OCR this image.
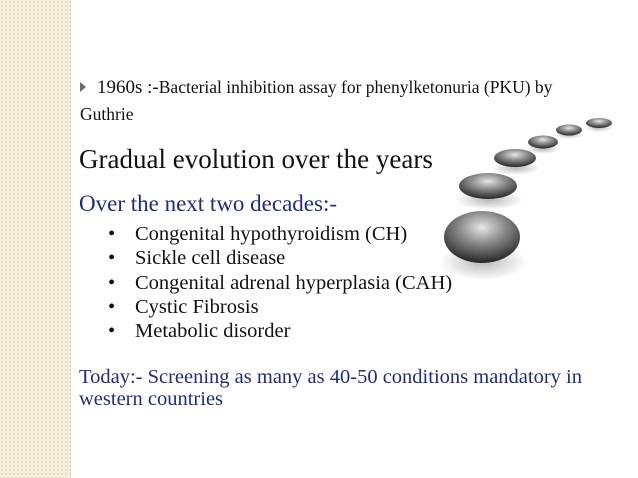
1960s :-Bacterial inhibition assay for phenylketonuria (PKU) by

Guthrie

Gradual evolution over the years

Over the next two decades:-

• Congenital hypothyroidism (CH)
• Sickle cell disease
• Congenital adrenal hyperplasia (CAH)
• Cystic Fibrosis
• Metabolic disorder

Today:- Screening as many as 40-50 conditions mandatory in western countries
